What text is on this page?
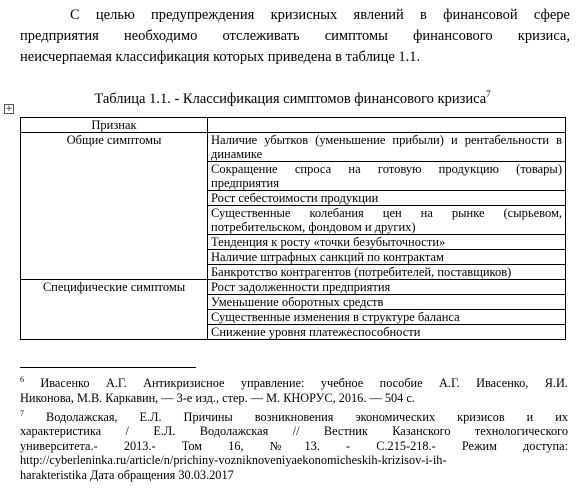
С целью предупреждения кризисных явлений в финансовой сфере
предприятия необходимо отслеживать симптомы финансового кризиса,
неисчерпаемая классификация которых приведена в таблице 1.1.
Таблица 1.1. - Классификация симптомов финансового кризиса$^7$
+
Признак	
Общие симптомы	Наличие убытков (уменьшение прибыли) и рентабельности в динамике
	Сокращение спроса на готовую продукцию (товары) предприятия
	Рост себестоимости продукции
	Существенные колебания цен на рынке (сырьевом, потребительском, фондовом и других)
	Тенденция к росту «точки безубыточности»
	Наличие штрафных санкций по контрактам
	Банкротство контрагентов (потребителей, поставщиков)
Специфические симптомы	Рост задолженности предприятия
	Уменьшение оборотных средств
	Существенные изменения в структуре баланса
	Снижение уровня платежеспособности
$^6$ Ивасенко А.Г. Антикризисное управление: учебное пособие А.Г. Ивасенко, Я.И.
Никонова, М.В. Каркавин, — 3-е изд., стер. — М. КНОРУС, 2016. — 504 с.
$^7$ Водолажская, Е.Л. Причины возникновения экономических кризисов и их
характеристика / Е.Л. Водолажская // Вестник Казанского технологического
университета.- 2013.- Том 16, №13. - С.215-218.- Режим доступа:
http://cyberleninka.ru/article/n/prichiny-vozniknoveniyaekonomicheskih-krizisov-i-ih-
harakteristika Дата обращения 30.03.2017
